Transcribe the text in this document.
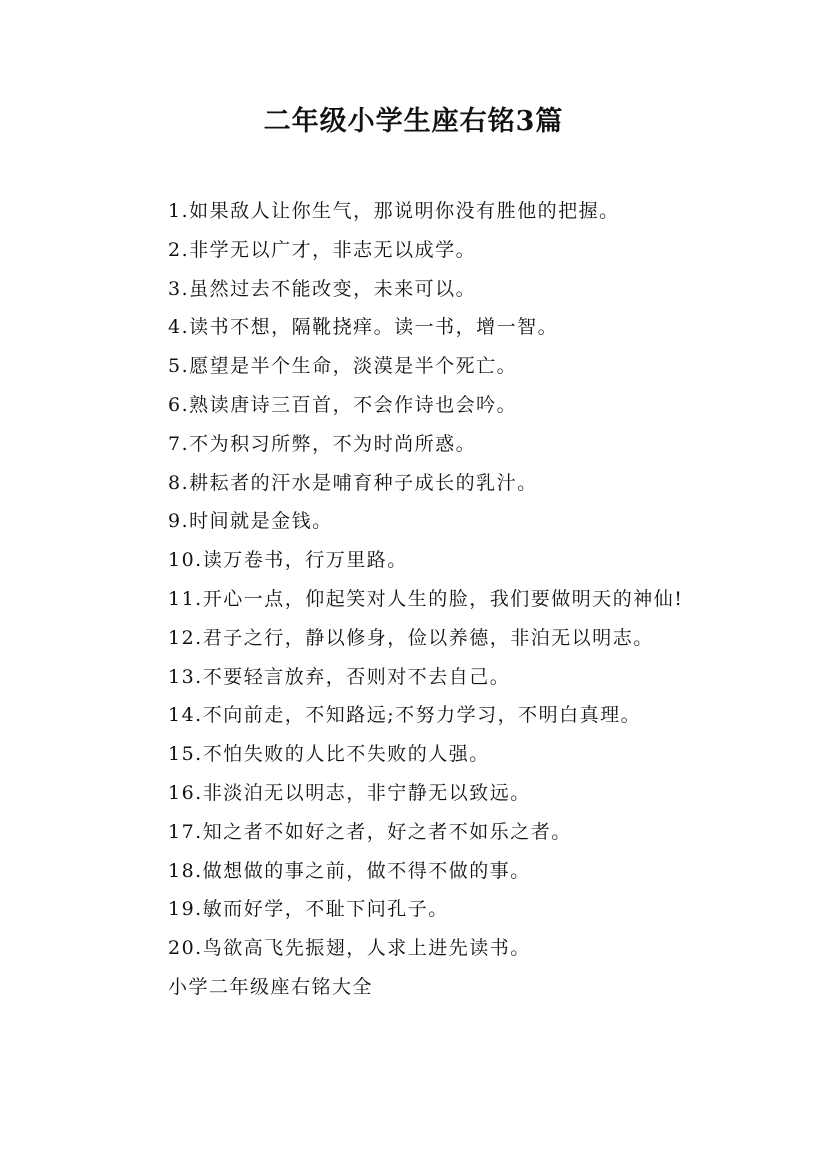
二年级小学生座右铭3篇

1.如果敌人让你生气，那说明你没有胜他的把握。

2.非学无以广才，非志无以成学。

3.虽然过去不能改变，未来可以。

4.读书不想，隔靴挠痒。读一书，增一智。

5.愿望是半个生命，淡漠是半个死亡。

6.熟读唐诗三百首，不会作诗也会吟。

7.不为积习所弊，不为时尚所惑。

8.耕耘者的汗水是哺育种子成长的乳汁。

9.时间就是金钱。

10.读万卷书，行万里路。

11.开心一点，仰起笑对人生的脸，我们要做明天的神仙!

12.君子之行，静以修身，俭以养德，非泊无以明志。

13.不要轻言放弃，否则对不去自己。

14.不向前走，不知路远;不努力学习，不明白真理。

15.不怕失败的人比不失败的人强。

16.非淡泊无以明志，非宁静无以致远。

17.知之者不如好之者，好之者不如乐之者。

18.做想做的事之前，做不得不做的事。

19.敏而好学，不耻下问孔子。

20.鸟欲高飞先振翅，人求上进先读书。

小学二年级座右铭大全
